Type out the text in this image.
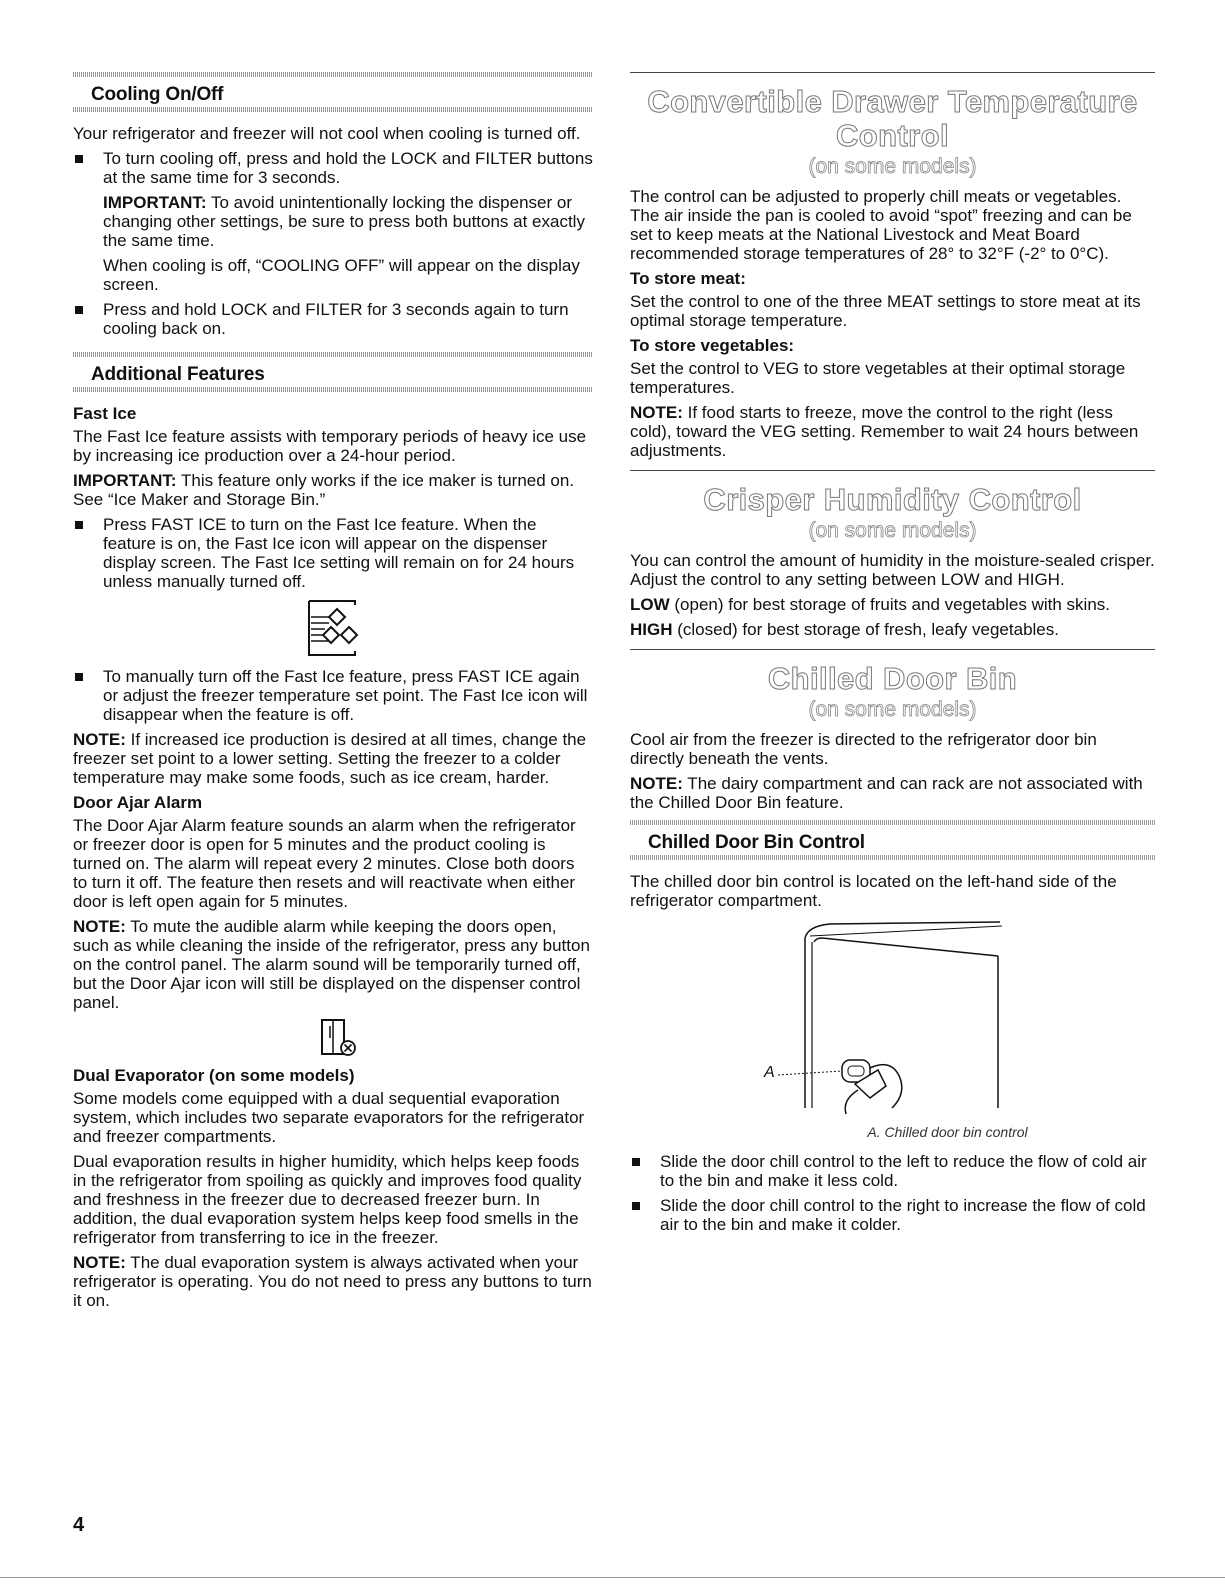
Cooling On/Off

Your refrigerator and freezer will not cool when cooling is turned off.

To turn cooling off, press and hold the LOCK and FILTER buttons at the same time for 3 seconds.

IMPORTANT: To avoid unintentionally locking the dispenser or changing other settings, be sure to press both buttons at exactly the same time.

When cooling is off, “COOLING OFF” will appear on the display screen.

Press and hold LOCK and FILTER for 3 seconds again to turn cooling back on.
Additional Features
Fast Ice

The Fast Ice feature assists with temporary periods of heavy ice use by increasing ice production over a 24-hour period.

IMPORTANT: This feature only works if the ice maker is turned on. See “Ice Maker and Storage Bin.”

Press FAST ICE to turn on the Fast Ice feature. When the feature is on, the Fast Ice icon will appear on the dispenser display screen. The Fast Ice setting will remain on for 24 hours unless manually turned off.
To manually turn off the Fast Ice feature, press FAST ICE again or adjust the freezer temperature set point. The Fast Ice icon will disappear when the feature is off.

NOTE: If increased ice production is desired at all times, change the freezer set point to a lower setting. Setting the freezer to a colder temperature may make some foods, such as ice cream, harder.

Door Ajar Alarm

The Door Ajar Alarm feature sounds an alarm when the refrigerator or freezer door is open for 5 minutes and the product cooling is turned on. The alarm will repeat every 2 minutes. Close both doors to turn it off. The feature then resets and will reactivate when either door is left open again for 5 minutes.

NOTE: To mute the audible alarm while keeping the doors open, such as while cleaning the inside of the refrigerator, press any button on the control panel. The alarm sound will be temporarily turned off, but the Door Ajar icon will still be displayed on the dispenser control panel.

Dual Evaporator (on some models)

Some models come equipped with a dual sequential evaporation system, which includes two separate evaporators for the refrigerator and freezer compartments.

Dual evaporation results in higher humidity, which helps keep foods in the refrigerator from spoiling as quickly and improves food quality and freshness in the freezer due to decreased freezer burn. In addition, the dual evaporation system helps keep food smells in the refrigerator from transferring to ice in the freezer.

NOTE: The dual evaporation system is always activated when your refrigerator is operating. You do not need to press any buttons to turn it on.

Convertible Drawer Temperature Control
(on some models)

The control can be adjusted to properly chill meats or vegetables. The air inside the pan is cooled to avoid “spot” freezing and can be set to keep meats at the National Livestock and Meat Board recommended storage temperatures of 28° to 32°F (-2° to 0°C).

To store meat:

Set the control to one of the three MEAT settings to store meat at its optimal storage temperature.

To store vegetables:

Set the control to VEG to store vegetables at their optimal storage temperatures.

NOTE: If food starts to freeze, move the control to the right (less cold), toward the VEG setting. Remember to wait 24 hours between adjustments.

Crisper Humidity Control
(on some models)

You can control the amount of humidity in the moisture-sealed crisper. Adjust the control to any setting between LOW and HIGH.

LOW (open) for best storage of fruits and vegetables with skins.

HIGH (closed) for best storage of fresh, leafy vegetables.

Chilled Door Bin
(on some models)

Cool air from the freezer is directed to the refrigerator door bin directly beneath the vents.

NOTE: The dairy compartment and can rack are not associated with the Chilled Door Bin feature.

Chilled Door Bin Control

The chilled door bin control is located on the left-hand side of the refrigerator compartment.

A
A. Chilled door bin control
Slide the door chill control to the left to reduce the flow of cold air to the bin and make it less cold.
Slide the door chill control to the right to increase the flow of cold air to the bin and make it colder.
4
